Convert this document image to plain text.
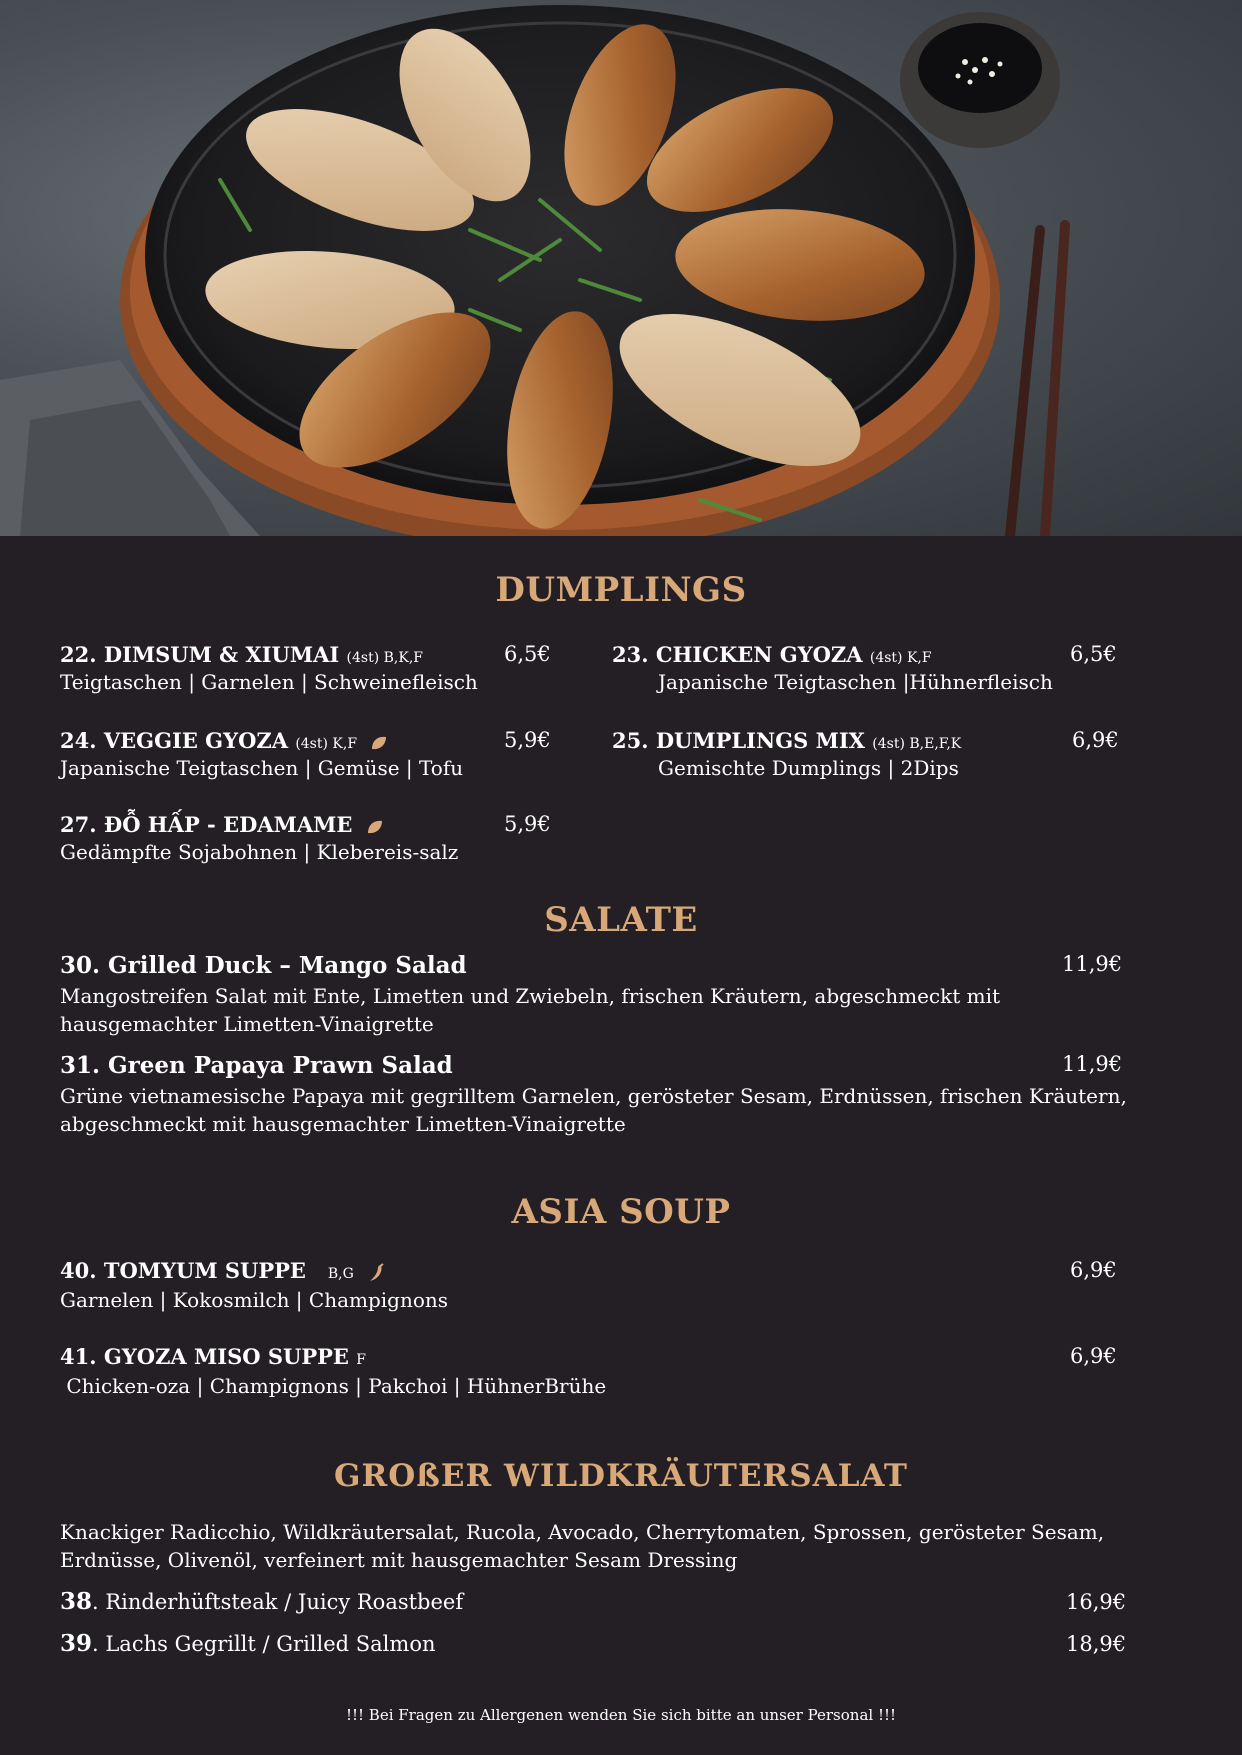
DUMPLINGS
22. DIMSUM & XIUMAI (4st) B,K,F	6,5€
Teigtaschen | Garnelen | Schweinefleisch
23. CHICKEN GYOZA (4st) K,F	6,5€
Japanische Teigtaschen |Hühnerfleisch
24. VEGGIE GYOZA (4st) K,F	5,9€
Japanische Teigtaschen | Gemüse | Tofu
25. DUMPLINGS MIX (4st) B,E,F,K	6,9€
Gemischte Dumplings | 2Dips
27. ĐỖ HẤP - EDAMAME	5,9€
Gedämpfte Sojabohnen | Klebereis-salz
SALATE
30. Grilled Duck – Mango Salad	11,9€
Mangostreifen Salat mit Ente, Limetten und Zwiebeln, frischen Kräutern, abgeschmeckt mit hausgemachter Limetten-Vinaigrette
31. Green Papaya Prawn Salad	11,9€
Grüne vietnamesische Papaya mit gegrilltem Garnelen, gerösteter Sesam, Erdnüssen, frischen Kräutern, abgeschmeckt mit hausgemachter Limetten-Vinaigrette
ASIA SOUP
40. TOMYUM SUPPE B,G	6,9€
Garnelen | Kokosmilch | Champignons
41. GYOZA MISO SUPPE F	6,9€
Chicken-oza | Champignons | Pakchoi | HühnerBrühe
GROßER WILDKRÄUTERSALAT
Knackiger Radicchio, Wildkräutersalat, Rucola, Avocado, Cherrytomaten, Sprossen, gerösteter Sesam, Erdnüsse, Olivenöl, verfeinert mit hausgemachter Sesam Dressing
38. Rinderhüftsteak / Juicy Roastbeef	16,9€
39. Lachs Gegrillt / Grilled Salmon	18,9€
!!! Bei Fragen zu Allergenen wenden Sie sich bitte an unser Personal !!!
